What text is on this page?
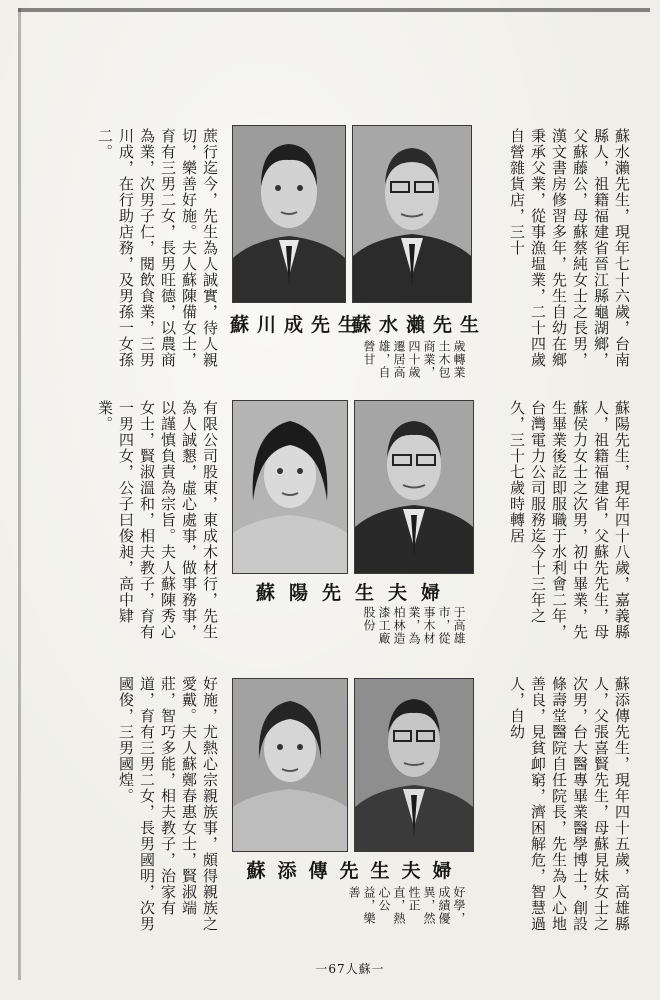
蘇水瀨先生，現年七十六歲，台南縣人，祖籍福建省晉江縣龜湖鄉，父蘇藤公，母蘇蔡純女士之長男，漢文書房修習多年，先生自幼在鄉秉承父業，從事漁塭業，二十四歲自營雜貨店，三十
蘇水瀨先生
蘇川成先生
歲轉業土木包商業，四十歲遷居高雄，自營甘
蔗行迄今，先生為人誠實，待人親切，樂善好施。夫人蘇陳備女士，育有三男二女，長男旺德，以農商為業，次男子仁，閱飲食業，三男川成，在行助店務，及男孫一女孫二。
蘇陽先生，現年四十八歲，嘉義縣人，祖籍福建省，父蘇先先生，母蘇侯力女士之次男，初中畢業，先生畢業後訖即服職于水利會二年，台灣電力公司服務迄今十三年之久，三十七歲時轉居
蘇陽先生夫婦
于高雄市，從事木材業，為柏林造漆工廠股份
有限公司股東，東成木材行，先生為人誠懇，虛心處事，做事務事，以謹慎負責為宗旨。夫人蘇陳秀心女士，賢淑溫和，相夫教子，育有一男四女，公子曰俊昶，高中肄業。
蘇添傳先生，現年四十五歲，高雄縣人，父張喜賢先生，母蘇見妹女士之次男，台大醫專畢業醫學博士，創設條壽堂醫院自任院長，先生為人心地善良，見貧卹窮，濟困解危，智慧過人，自幼
蘇添傳先生夫婦
好學，成績優異，然性正直，熱心公益，樂善
好施，尤熱心宗親族事，頗得親族之愛戴。夫人蘇鄭春惠女士，賢淑端莊，智巧多能，相夫教子，治家有道，育有三男二女，長男國明，次男國俊，三男國煌。
一67人蘇一
